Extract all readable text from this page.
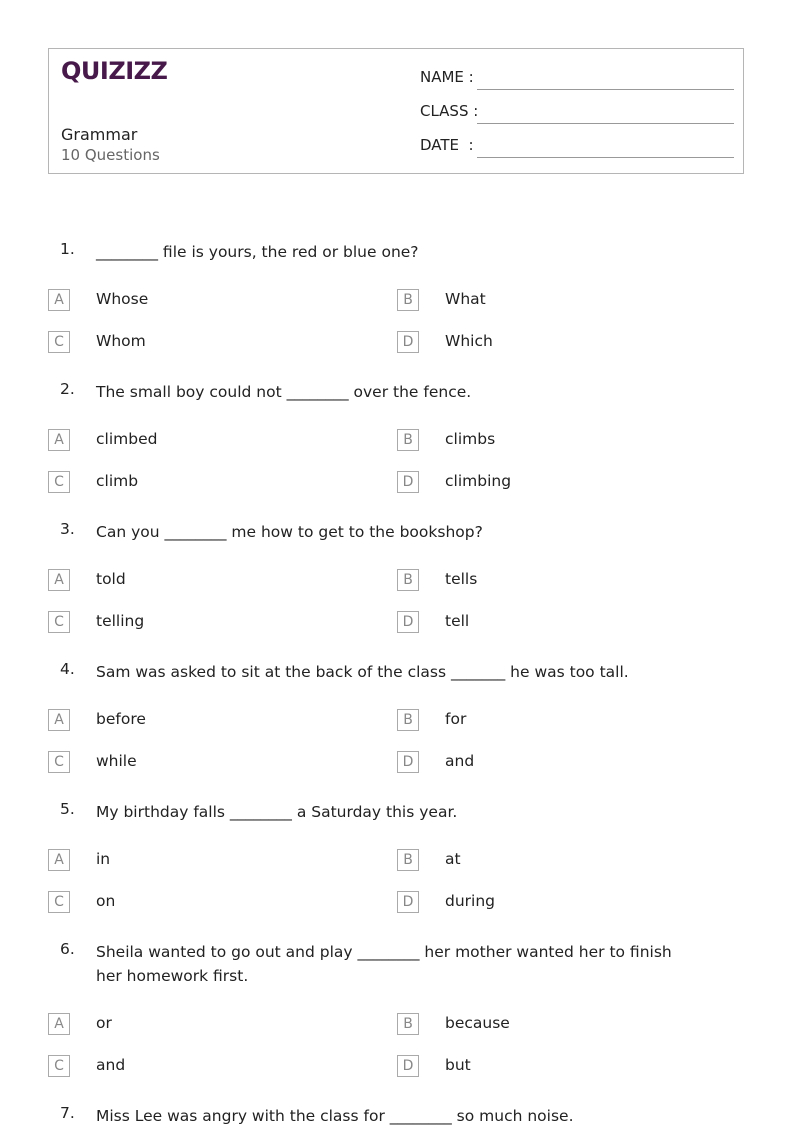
QUIZIZZ
Grammar
10 Questions
NAME :
CLASS :
DATE  :
1. ________ file is yours, the red or blue one?
2. The small boy could not ________ over the fence.
3. Can you ________ me how to get to the bookshop?
4. Sam was asked to sit at the back of the class _______ he was too tall.
5. My birthday falls ________ a Saturday this year.
6. Sheila wanted to go out and play ________ her mother wanted her to finish her homework first.
7. Miss Lee was angry with the class for ________ so much noise.
A	Whose	B	What
C	Whom	D	Which
A	climbed	B	climbs
C	climb	D	climbing
A	told	B	tells
C	telling	D	tell
A	before	B	for
C	while	D	and
A	in	B	at
C	on	D	during
A	or	B	because
C	and	D	but
